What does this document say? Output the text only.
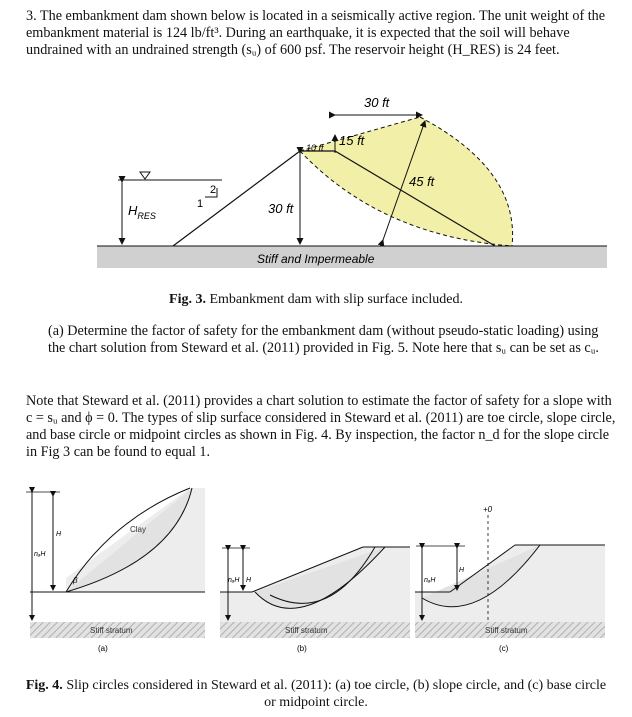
3. The embankment dam shown below is located in a seismically active region. The unit weight of the embankment material is 124 lb/ft³. During an earthquake, it is expected that the soil will behave undrained with an undrained strength (sᵤ) of 600 psf. The reservoir height (H_RES) is 24 feet.
Stiff and Impermeable
$H_{RES}$
2
1	30 ft
30 ft
10 ft 15 ft
45 ft
Fig. 3. Embankment dam with slip surface included.
(a) Determine the factor of safety for the embankment dam (without pseudo-static loading) using the chart solution from Steward et al. (2011) provided in Fig. 5. Note here that sᵤ can be set as cᵤ.
Note that Steward et al. (2011) provides a chart solution to estimate the factor of safety for a slope with c = sᵤ and ϕ = 0. The types of slip surface considered in Steward et al. (2011) are toe circle, slope circle, and base circle or midpoint circles as shown in Fig. 4. By inspection, the factor n_d for the slope circle in Fig 3 can be found to equal 1.
H
nₐH
Clay
β
Stiff stratum
(a)
nₐH H
Stiff stratum
(b)
+0
H
nₐH
Stiff stratum
(c)
Fig. 4. Slip circles considered in Steward et al. (2011): (a) toe circle, (b) slope circle, and (c) base circle or midpoint circle.
